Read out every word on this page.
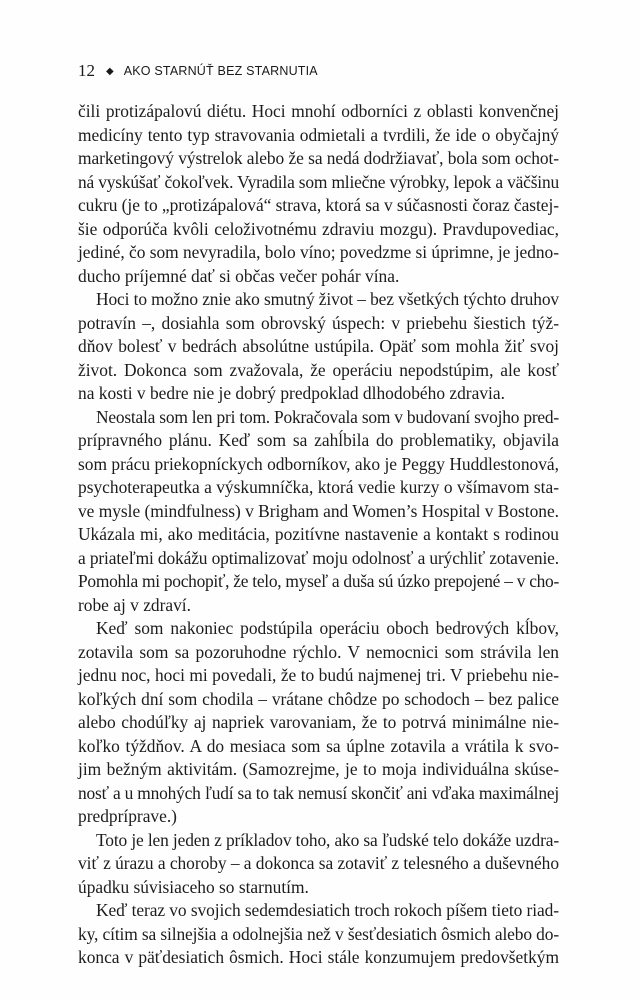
12 ◆ AKO STARNÚŤ BEZ STARNUTIA
čili protizápalovú diétu. Hoci mnohí odborníci z oblasti konvenčnej
medicíny tento typ stravovania odmietali a tvrdili, že ide o obyčajný
marketingový výstrelok alebo že sa nedá dodržiavať, bola som ochot-
ná vyskúšať čokoľvek. Vyradila som mliečne výrobky, lepok a väčšinu
cukru (je to „protizápalová“ strava, ktorá sa v súčasnosti čoraz častej-
šie odporúča kvôli celoživotnému zdraviu mozgu). Pravdupovediac,
jediné, čo som nevyradila, bolo víno; povedzme si úprimne, je jedno-
ducho príjemné dať si občas večer pohár vína.
Hoci to možno znie ako smutný život – bez všetkých týchto druhov
potravín –, dosiahla som obrovský úspech: v priebehu šiestich týž-
dňov bolesť v bedrách absolútne ustúpila. Opäť som mohla žiť svoj
život. Dokonca som zvažovala, že operáciu nepodstúpim, ale kosť
na kosti v bedre nie je dobrý predpoklad dlhodobého zdravia.
Neostala som len pri tom. Pokračovala som v budovaní svojho pred-
prípravného plánu. Keď som sa zahĺbila do problematiky, objavila
som prácu priekopníckych odborníkov, ako je Peggy Huddlestonová,
psychoterapeutka a výskumníčka, ktorá vedie kurzy o všímavom sta-
ve mysle (mindfulness) v Brigham and Women’s Hospital v Bostone.
Ukázala mi, ako meditácia, pozitívne nastavenie a kontakt s rodinou
a priateľmi dokážu optimalizovať moju odolnosť a urýchliť zotavenie.
Pomohla mi pochopiť, že telo, myseľ a duša sú úzko prepojené – v cho-
robe aj v zdraví.
Keď som nakoniec podstúpila operáciu oboch bedrových kĺbov,
zotavila som sa pozoruhodne rýchlo. V nemocnici som strávila len
jednu noc, hoci mi povedali, že to budú najmenej tri. V priebehu nie-
koľkých dní som chodila – vrátane chôdze po schodoch – bez palice
alebo chodúľky aj napriek varovaniam, že to potrvá minimálne nie-
koľko týždňov. A do mesiaca som sa úplne zotavila a vrátila k svo-
jim bežným aktivitám. (Samozrejme, je to moja individuálna skúse-
nosť a u mnohých ľudí sa to tak nemusí skončiť ani vďaka maximálnej
predpríprave.)
Toto je len jeden z príkladov toho, ako sa ľudské telo dokáže uzdra-
viť z úrazu a choroby – a dokonca sa zotaviť z telesného a duševného
úpadku súvisiaceho so starnutím.
Keď teraz vo svojich sedemdesiatich troch rokoch píšem tieto riad-
ky, cítim sa silnejšia a odolnejšia než v šesťdesiatich ôsmich alebo do-
konca v päťdesiatich ôsmich. Hoci stále konzumujem predovšetkým
